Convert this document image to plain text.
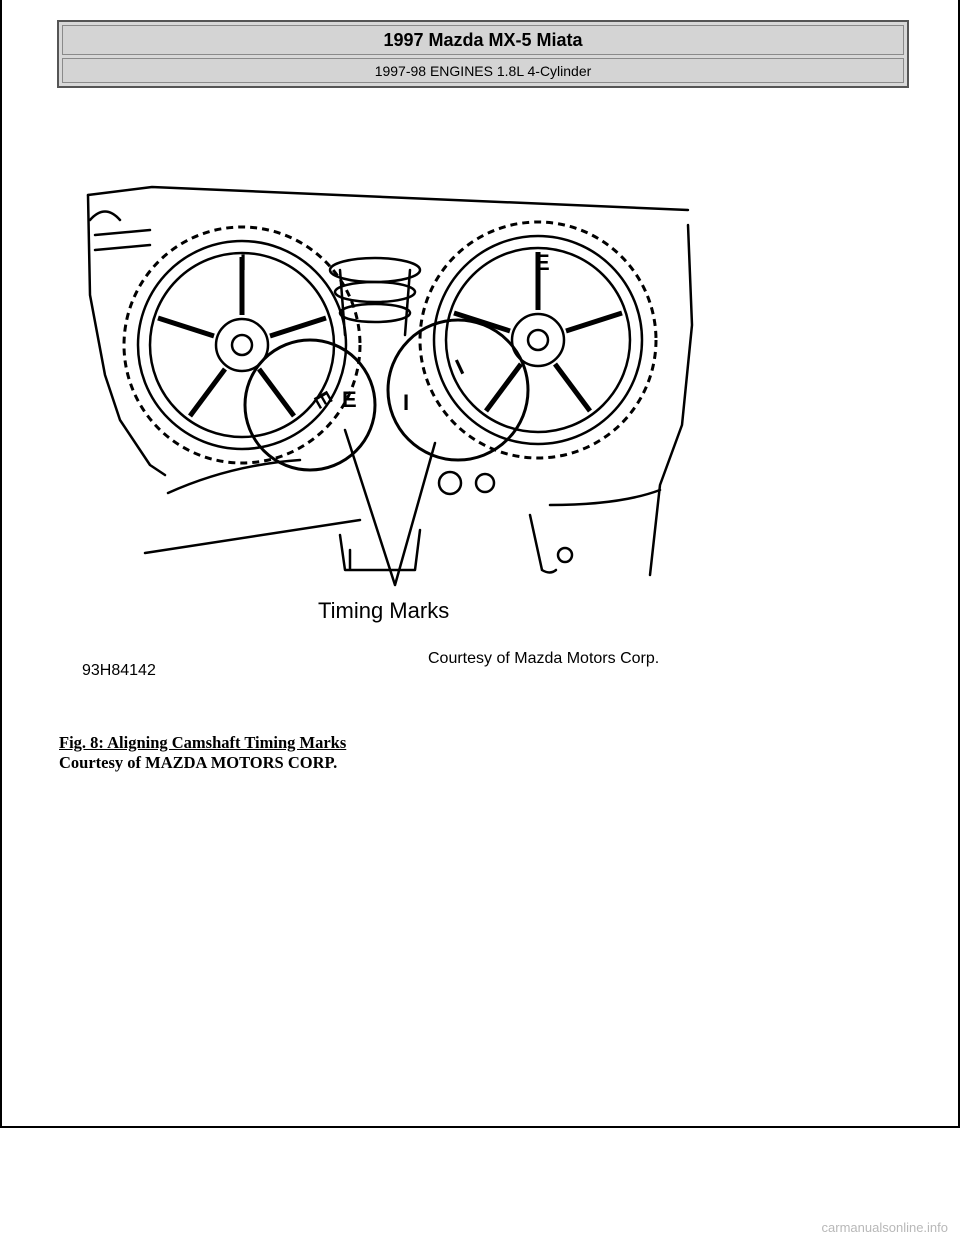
1997 Mazda MX-5 Miata
1997-98 ENGINES 1.8L 4-Cylinder
I
E E I
E
I
Timing Marks
93H84142
Courtesy of Mazda Motors Corp.
Fig. 8: Aligning Camshaft Timing Marks
Courtesy of MAZDA MOTORS CORP.
carmanualsonline.info
